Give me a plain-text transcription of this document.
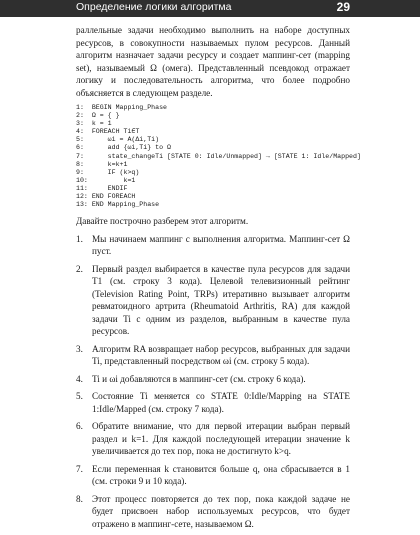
Определение логики алгоритма	29

раллельные задачи необходимо выполнить на наборе доступных ресурсов, в совокупности называемых пулом ресурсов. Данный алгоритм назначает задачи ресурсу и создает маппинг-сет (mapping set), называемый Ω (омега). Представленный псевдокод отражает логику и последовательность алгоритма, что более подробно объясняется в следующем разделе.

1:  BEGIN Mapping_Phase
2:  Ω = { }
3:  k = 1
4:  FOREACH Ti∈T
5:      ωi = A(Δi,Ti)
6:      add {ωi,Ti} to Ω
7:      state_changeTi [STATE 0: Idle/Unmapped] → [STATE 1: Idle/Mapped]
8:      k=k+1
9:      IF (k>q)
10:         k=1
11:     ENDIF
12: END FOREACH
13: END Mapping_Phase

Давайте построчно разберем этот алгоритм.

1. Мы начинаем маппинг с выполнения алгоритма. Маппинг-сет Ω пуст.
2. Первый раздел выбирается в качестве пула ресурсов для задачи T1 (см. строку 3 кода). Целевой телевизионный рейтинг (Television Rating Point, TRPs) итеративно вызывает алгоритм ревматоидного артрита (Rheumatoid Arthritis, RA) для каждой задачи Ti с одним из разделов, выбранным в качестве пула ресурсов.
3. Алгоритм RA возвращает набор ресурсов, выбранных для задачи Ti, представленный посредством ωi (см. строку 5 кода).
4. Ti и ωi добавляются в маппинг-сет (см. строку 6 кода).
5. Состояние Ti меняется со STATE 0:Idle/Mapping на STATE 1:Idle/Mapped (см. строку 7 кода).
6. Обратите внимание, что для первой итерации выбран первый раздел и k=1. Для каждой последующей итерации значение k увеличивается до тех пор, пока не достигнуто k>q.
7. Если переменная k становится больше q, она сбрасывается в 1 (см. строки 9 и 10 кода).
8. Этот процесс повторяется до тех пор, пока каждой задаче не будет присвоен набор используемых ресурсов, что будет отражено в маппинг-сете, называемом Ω.
